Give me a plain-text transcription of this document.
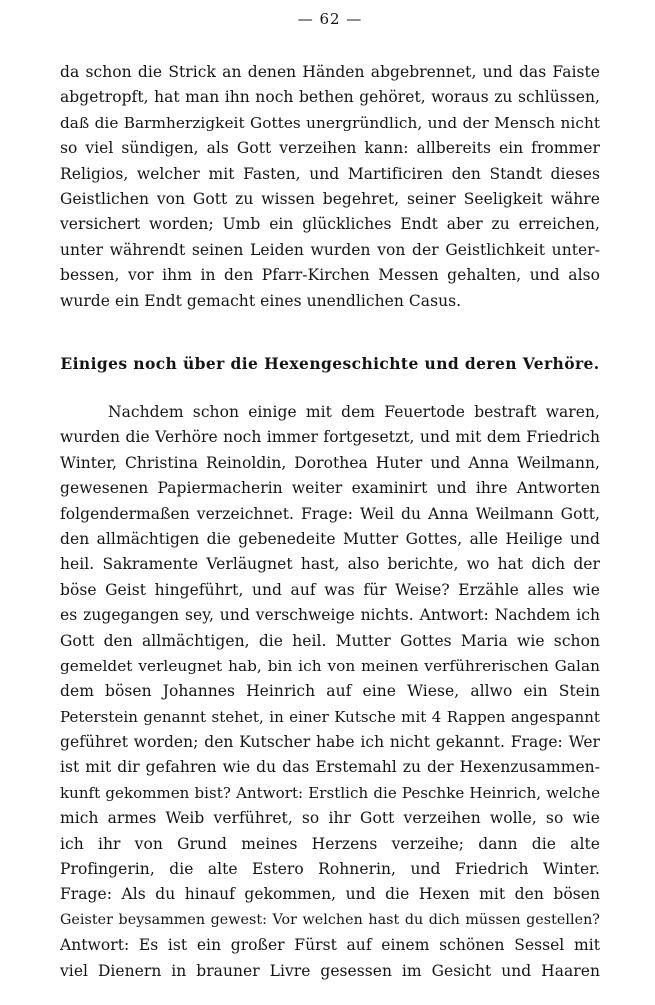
— 62 —
da schon die Strick an denen Händen abgebrennet, und das Faiste
abgetropft, hat man ihn noch bethen gehöret, woraus zu schlüssen,
daß die Barmherzigkeit Gottes unergründlich, und der Mensch nicht
so viel sündigen, als Gott verzeihen kann: allbereits ein frommer
Religios, welcher mit Fasten, und Martificiren den Standt dieses
Geistlichen von Gott zu wissen begehret, seiner Seeligkeit währe
versichert worden; Umb ein glückliches Endt aber zu erreichen,
unter währendt seinen Leiden wurden von der Geistlichkeit unter-
bessen, vor ihm in den Pfarr-Kirchen Messen gehalten, und also
wurde ein Endt gemacht eines unendlichen Casus.
Einiges noch über die Hexengeschichte und deren Verhöre.
Nachdem schon einige mit dem Feuertode bestraft waren,
wurden die Verhöre noch immer fortgesetzt, und mit dem Friedrich
Winter, Christina Reinoldin, Dorothea Huter und Anna Weilmann,
gewesenen Papiermacherin weiter examinirt und ihre Antworten
folgendermaßen verzeichnet. Frage: Weil du Anna Weilmann Gott,
den allmächtigen die gebenedeite Mutter Gottes, alle Heilige und
heil. Sakramente Verläugnet hast, also berichte, wo hat dich der
böse Geist hingeführt, und auf was für Weise? Erzähle alles wie
es zugegangen sey, und verschweige nichts. Antwort: Nachdem ich
Gott den allmächtigen, die heil. Mutter Gottes Maria wie schon
gemeldet verleugnet hab, bin ich von meinen verführerischen Galan
dem bösen Johannes Heinrich auf eine Wiese, allwo ein Stein
Peterstein genannt stehet, in einer Kutsche mit 4 Rappen angespannt
geführet worden; den Kutscher habe ich nicht gekannt. Frage: Wer
ist mit dir gefahren wie du das Erstemahl zu der Hexenzusammen-
kunft gekommen bist? Antwort: Erstlich die Peschke Heinrich, welche
mich armes Weib verführet, so ihr Gott verzeihen wolle, so wie
ich ihr von Grund meines Herzens verzeihe; dann die alte
Profingerin, die alte Estero Rohnerin, und Friedrich Winter.
Frage: Als du hinauf gekommen, und die Hexen mit den bösen
Geister beysammen gewest: Vor welchen hast du dich müssen gestellen?
Antwort: Es ist ein großer Fürst auf einem schönen Sessel mit
viel Dienern in brauner Livre gesessen im Gesicht und Haaren
